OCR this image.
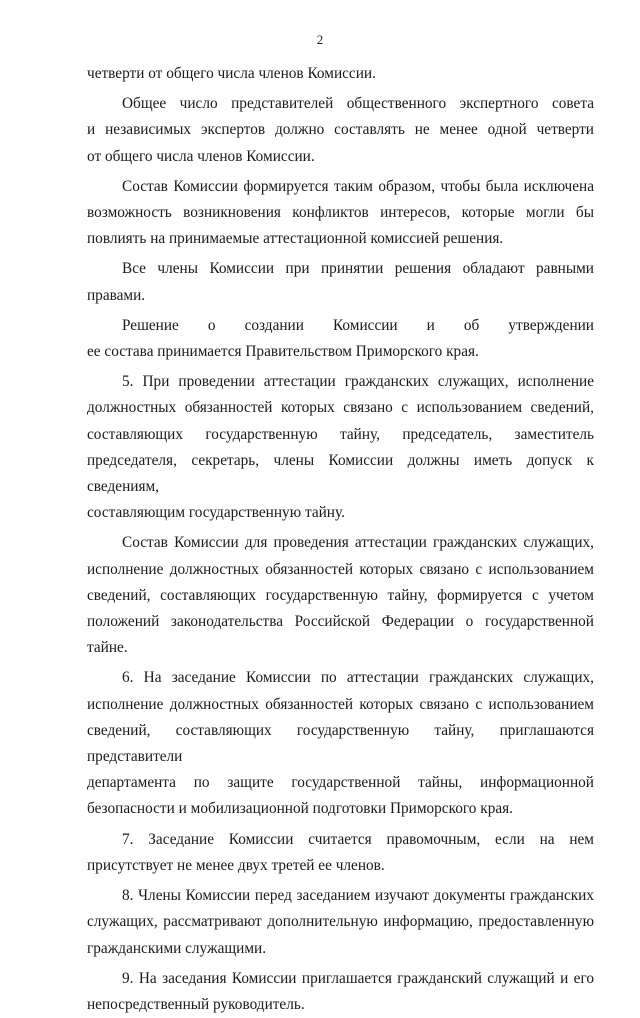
2
четверти от общего числа членов Комиссии.
Общее число представителей общественного экспертного совета
и независимых экспертов должно составлять не менее одной четверти
от общего числа членов Комиссии.
Состав Комиссии формируется таким образом, чтобы была исключена
возможность возникновения конфликтов интересов, которые могли бы
повлиять на принимаемые аттестационной комиссией решения.
Все члены Комиссии при принятии решения обладают равными правами.
Решение о создании Комиссии и об утверждении
ее состава принимается Правительством Приморского края.
5. При проведении аттестации гражданских служащих, исполнение
должностных обязанностей которых связано с использованием сведений,
составляющих государственную тайну, председатель, заместитель
председателя, секретарь, члены Комиссии должны иметь допуск к сведениям,
составляющим государственную тайну.
Состав Комиссии для проведения аттестации гражданских служащих,
исполнение должностных обязанностей которых связано с использованием
сведений, составляющих государственную тайну, формируется с учетом
положений законодательства Российской Федерации о государственной тайне.
6. На заседание Комиссии по аттестации гражданских служащих,
исполнение должностных обязанностей которых связано с использованием
сведений, составляющих государственную тайну, приглашаются представители
департамента по защите государственной тайны, информационной
безопасности и мобилизационной подготовки Приморского края.
7. Заседание Комиссии считается правомочным, если на нем
присутствует не менее двух третей ее членов.
8. Члены Комиссии перед заседанием изучают документы гражданских
служащих, рассматривают дополнительную информацию, предоставленную
гражданскими служащими.
9. На заседания Комиссии приглашается гражданский служащий и его
непосредственный руководитель.
